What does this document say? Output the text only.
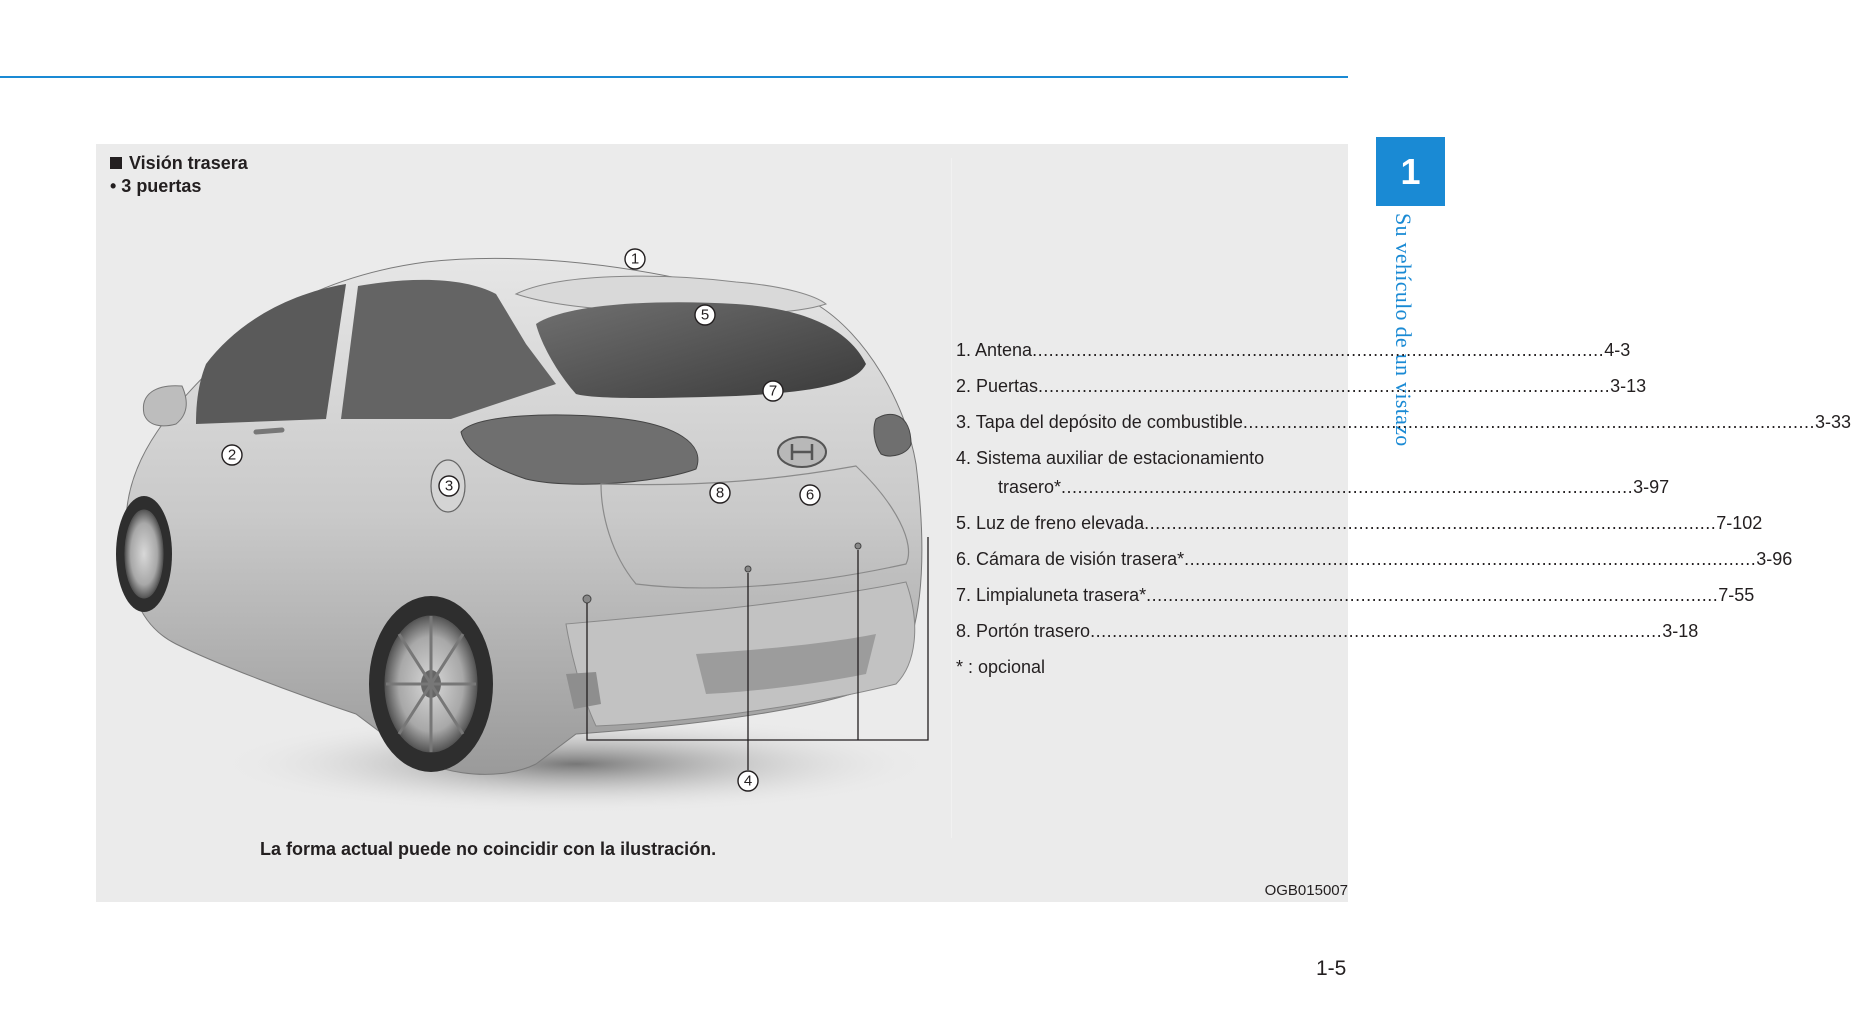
1
Su vehículo de un vistazo
Visión trasera
• 3 puertas
1
5
7
2
3	8	6
4
La forma actual puede no coincidir con la ilustración.
OGB015007
1. Antena ........................................................................................................ 4-3
2. Puertas ........................................................................................................ 3-13
3. Tapa del depósito de combustible ........................................................................................................ 3-33
4. Sistema auxiliar de estacionamiento
trasero* ........................................................................................................ 3-97
5. Luz de freno elevada ........................................................................................................ 7-102
6. Cámara de visión trasera* ........................................................................................................ 3-96
7. Limpialuneta trasera* ........................................................................................................ 7-55
8. Portón trasero ........................................................................................................ 3-18
* : opcional
1-5
